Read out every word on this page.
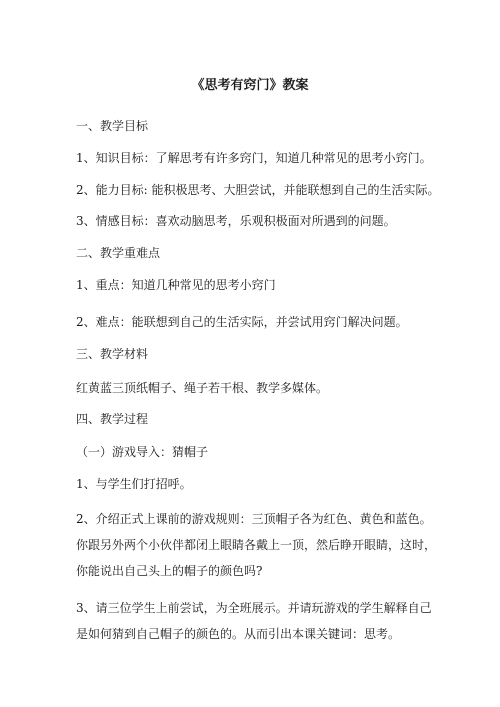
《思考有窍门》教案
一、教学目标
1、知识目标：了解思考有许多窍门，知道几种常见的思考小窍门。
2、能力目标: 能积极思考、大胆尝试，并能联想到自己的生活实际。
3、情感目标：喜欢动脑思考，乐观积极面对所遇到的问题。
二、教学重难点
1、重点：知道几种常见的思考小窍门
2、难点：能联想到自己的生活实际，并尝试用窍门解决问题。
三、教学材料
红黄蓝三顶纸帽子、绳子若干根、教学多媒体。
四、教学过程
（一）游戏导入：猜帽子
1、与学生们打招呼。
2、介绍正式上课前的游戏规则：三顶帽子各为红色、黄色和蓝色。
你跟另外两个小伙伴都闭上眼睛各戴上一顶，然后睁开眼睛，这时，
你能说出自己头上的帽子的颜色吗?
3、请三位学生上前尝试，为全班展示。并请玩游戏的学生解释自己
是如何猜到自己帽子的颜色的。从而引出本课关键词：思考。
